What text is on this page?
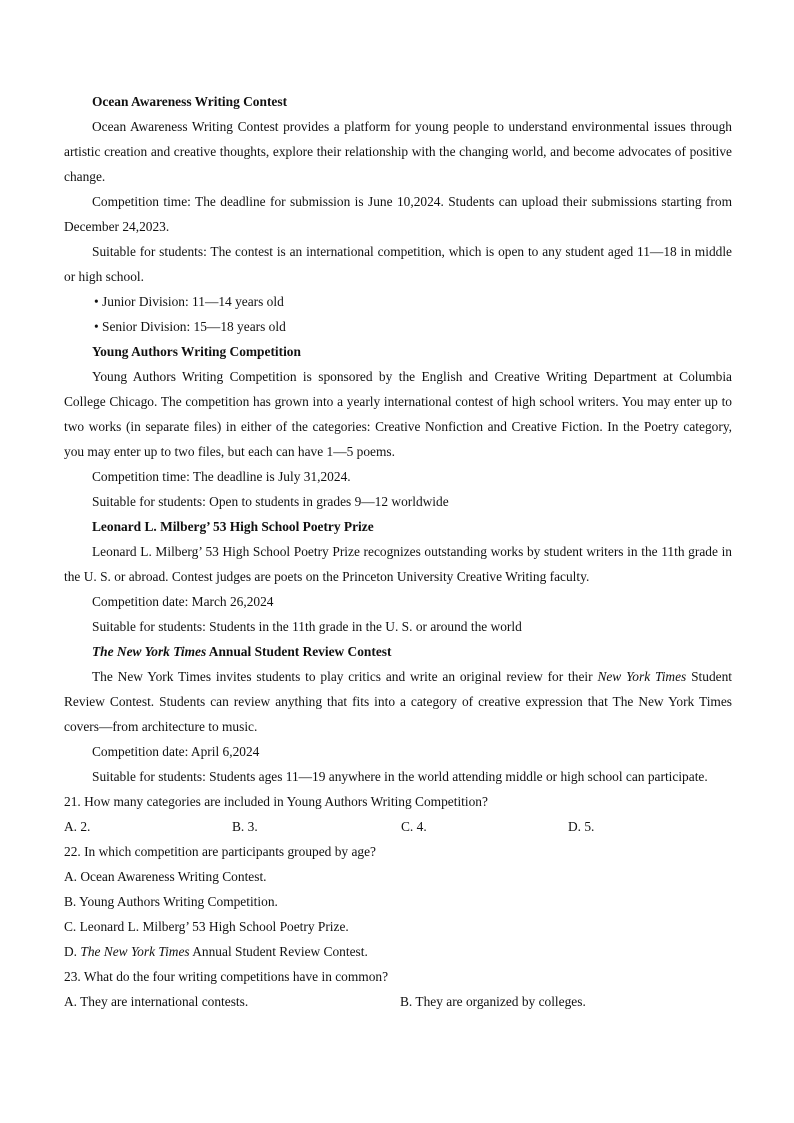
Ocean Awareness Writing Contest

Ocean Awareness Writing Contest provides a platform for young people to understand environmental issues through artistic creation and creative thoughts, explore their relationship with the changing world, and become advocates of positive change.

Competition time: The deadline for submission is June 10,2024. Students can upload their submissions starting from December 24,2023.

Suitable for students: The contest is an international competition, which is open to any student aged 11—18 in middle or high school.

• Junior Division: 11—14 years old

• Senior Division: 15—18 years old

Young Authors Writing Competition

Young Authors Writing Competition is sponsored by the English and Creative Writing Department at Columbia College Chicago. The competition has grown into a yearly international contest of high school writers. You may enter up to two works (in separate files) in either of the categories: Creative Nonfiction and Creative Fiction. In the Poetry category, you may enter up to two files, but each can have 1—5 poems.

Competition time: The deadline is July 31,2024.

Suitable for students: Open to students in grades 9—12 worldwide

Leonard L. Milberg’ 53 High School Poetry Prize

Leonard L. Milberg’ 53 High School Poetry Prize recognizes outstanding works by student writers in the 11th grade in the U. S. or abroad. Contest judges are poets on the Princeton University Creative Writing faculty.

Competition date: March 26,2024

Suitable for students: Students in the 11th grade in the U. S. or around the world

The New York Times Annual Student Review Contest

The New York Times invites students to play critics and write an original review for their New York Times Student Review Contest. Students can review anything that fits into a category of creative expression that The New York Times covers—from architecture to music.

Competition date: April 6,2024

Suitable for students: Students ages 11—19 anywhere in the world attending middle or high school can participate.

21. How many categories are included in Young Authors Writing Competition?

A. 2.	B. 3.	C. 4.	D. 5.

22. In which competition are participants grouped by age?

A. Ocean Awareness Writing Contest.

B. Young Authors Writing Competition.

C. Leonard L. Milberg’ 53 High School Poetry Prize.

D. The New York Times Annual Student Review Contest.

23. What do the four writing competitions have in common?

A. They are international contests.	B. They are organized by colleges.
